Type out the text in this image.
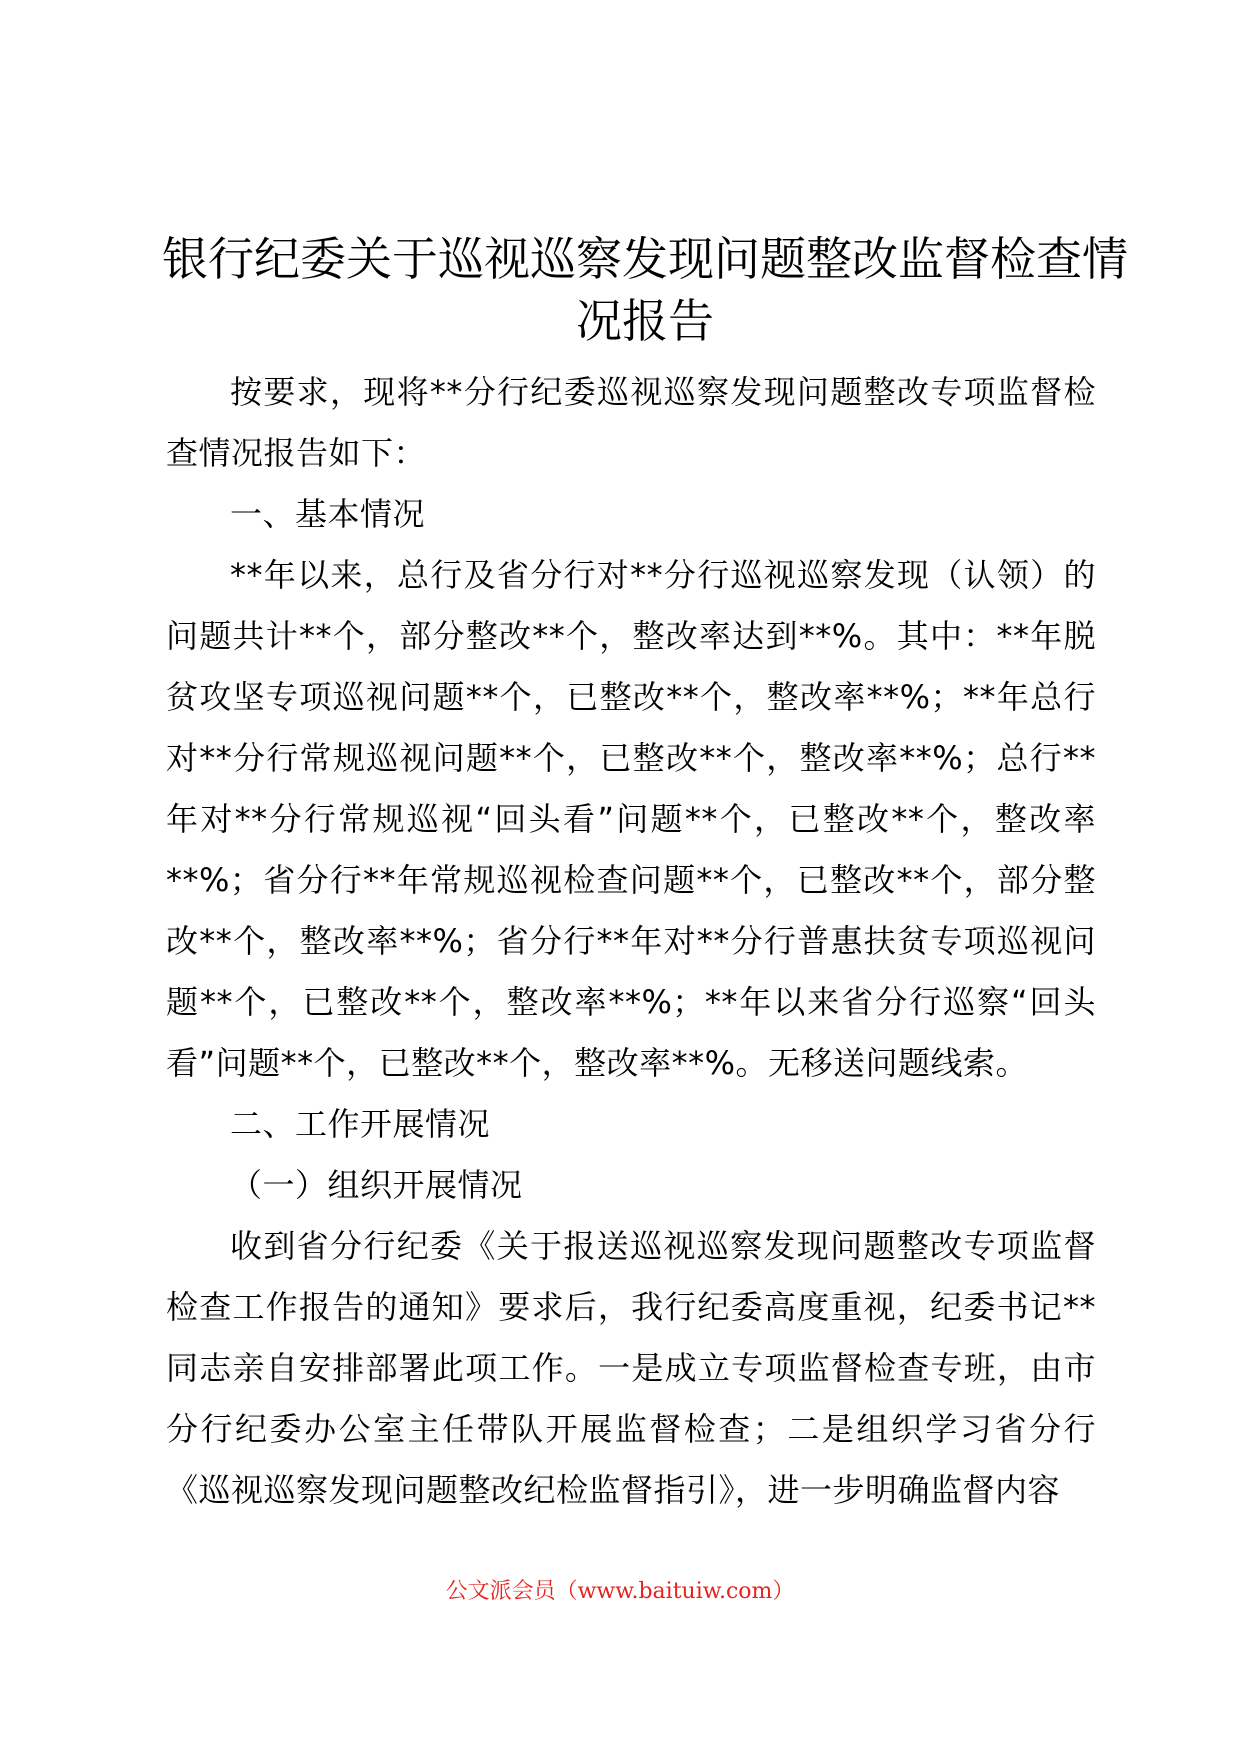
银行纪委关于巡视巡察发现问题整改监督检查情况报告

按要求，现将**分行纪委巡视巡察发现问题整改专项监督检查情况报告如下：

一、基本情况

**年以来，总行及省分行对**分行巡视巡察发现（认领）的问题共计**个，部分整改**个，整改率达到**%。其中：**年脱贫攻坚专项巡视问题**个，已整改**个，整改率**%；**年总行对**分行常规巡视问题**个，已整改**个，整改率**%；总行**年对**分行常规巡视“回头看”问题**个，已整改**个，整改率**%；省分行**年常规巡视检查问题**个，已整改**个，部分整改**个，整改率**%；省分行**年对**分行普惠扶贫专项巡视问题**个，已整改**个，整改率**%；**年以来省分行巡察“回头看”问题**个，已整改**个，整改率**%。无移送问题线索。

二、工作开展情况

（一）组织开展情况

收到省分行纪委《关于报送巡视巡察发现问题整改专项监督检查工作报告的通知》要求后，我行纪委高度重视，纪委书记**同志亲自安排部署此项工作。一是成立专项监督检查专班，由市分行纪委办公室主任带队开展监督检查；二是组织学习省分行《巡视巡察发现问题整改纪检监督指引》，进一步明确监督内容

公文派会员（www.baituiw.com）
